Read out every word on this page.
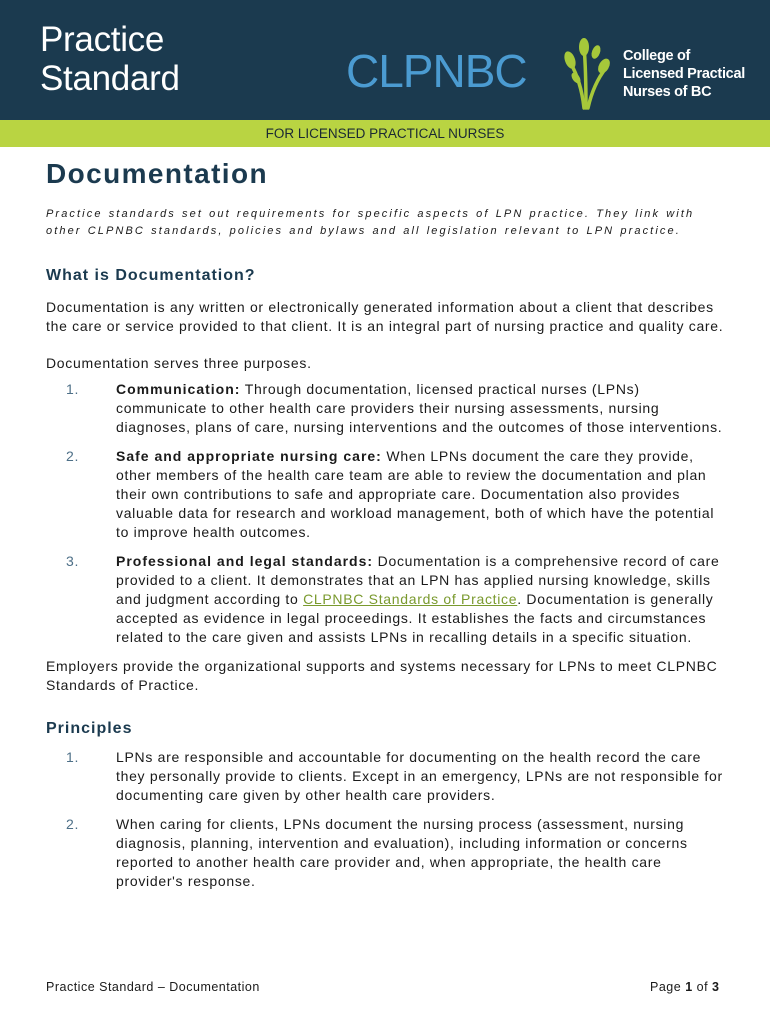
Practice
Standard	CLPNBC	College of
Licensed Practical
Nurses of BC
FOR LICENSED PRACTICAL NURSES
Documentation

Practice standards set out requirements for specific aspects of LPN practice. They link with other CLPNBC standards, policies and bylaws and all legislation relevant to LPN practice.

What is Documentation?

Documentation is any written or electronically generated information about a client that describes the care or service provided to that client. It is an integral part of nursing practice and quality care.

Documentation serves three purposes.

1.	Communication: Through documentation, licensed practical nurses (LPNs) communicate to other health care providers their nursing assessments, nursing diagnoses, plans of care, nursing interventions and the outcomes of those interventions.
2.	Safe and appropriate nursing care: When LPNs document the care they provide, other members of the health care team are able to review the documentation and plan their own contributions to safe and appropriate care. Documentation also provides valuable data for research and workload management, both of which have the potential to improve health outcomes.
3.	Professional and legal standards: Documentation is a comprehensive record of care provided to a client. It demonstrates that an LPN has applied nursing knowledge, skills and judgment according to CLPNBC Standards of Practice. Documentation is generally accepted as evidence in legal proceedings. It establishes the facts and circumstances related to the care given and assists LPNs in recalling details in a specific situation.

Employers provide the organizational supports and systems necessary for LPNs to meet CLPNBC Standards of Practice.

Principles
1.	LPNs are responsible and accountable for documenting on the health record the care they personally provide to clients. Except in an emergency, LPNs are not responsible for documenting care given by other health care providers.
2.	When caring for clients, LPNs document the nursing process (assessment, nursing diagnosis, planning, intervention and evaluation), including information or concerns reported to another health care provider and, when appropriate, the health care provider's response.
Practice Standard – Documentation	Page 1 of 3
